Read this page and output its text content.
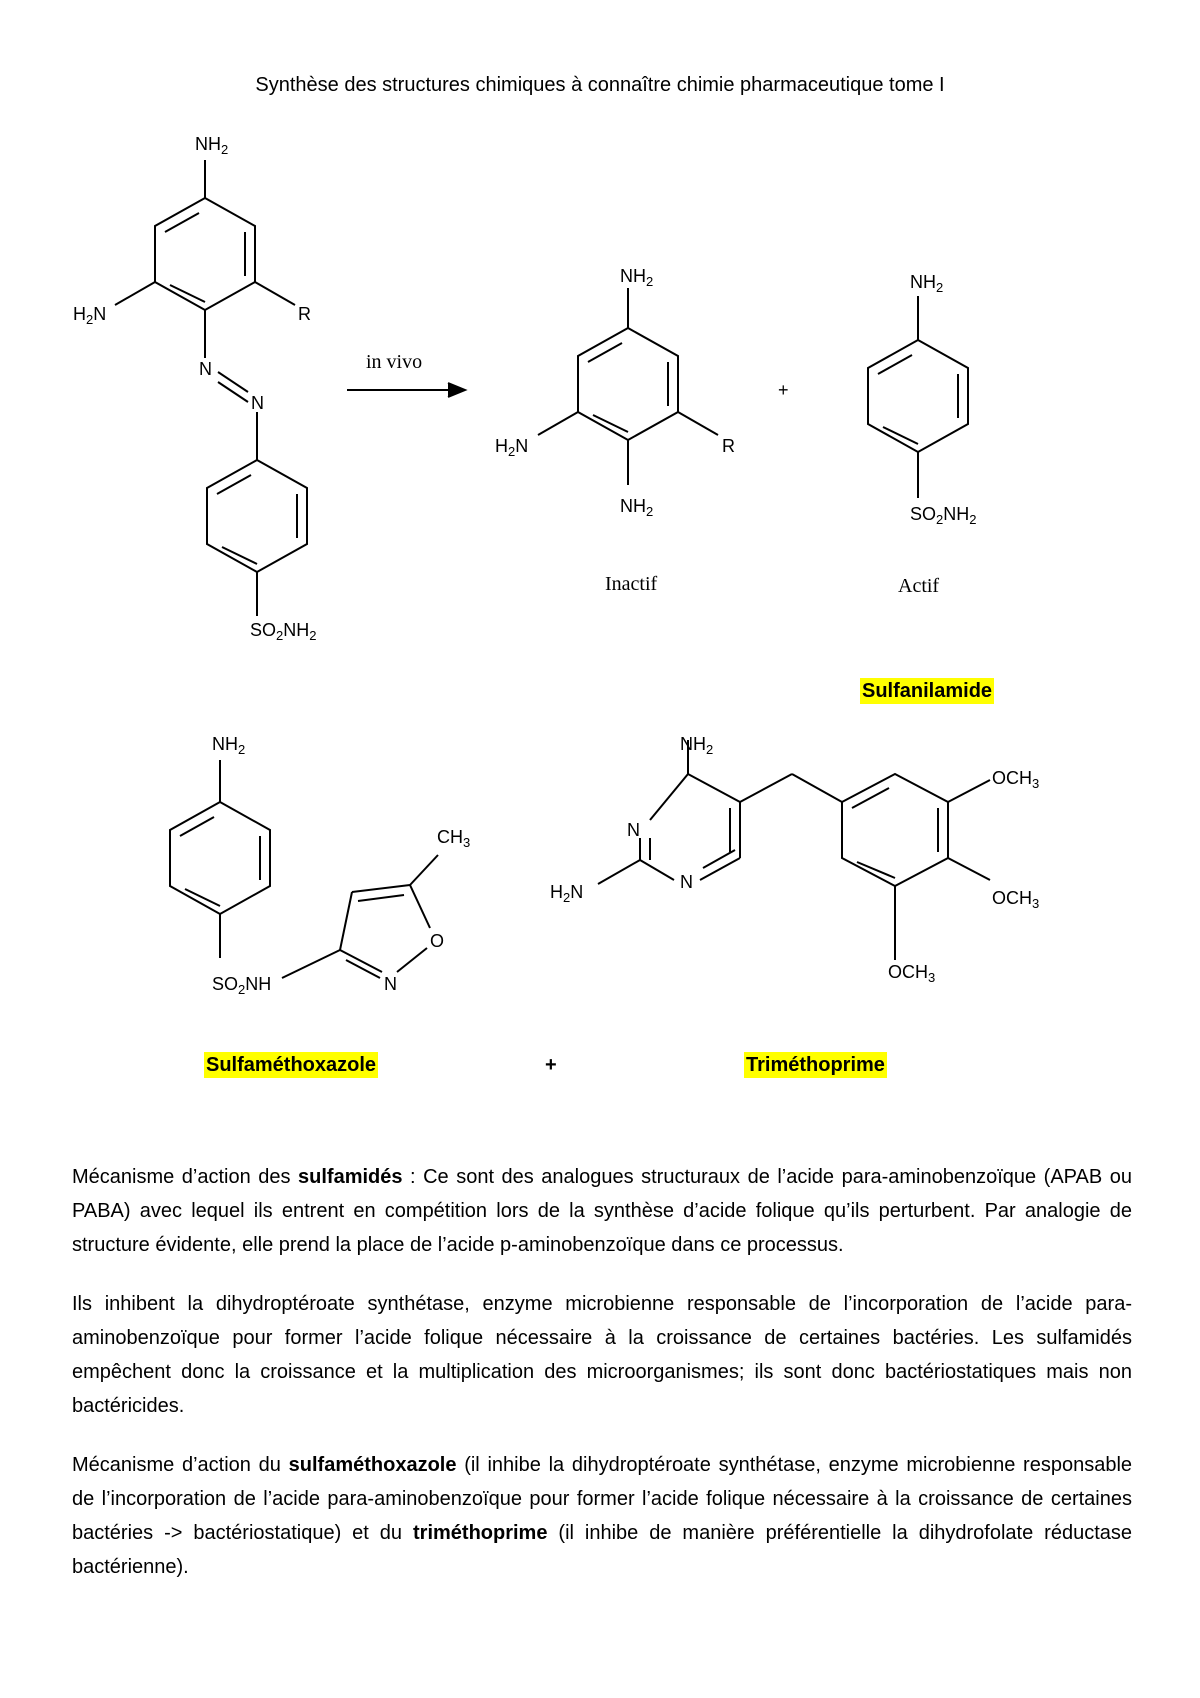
Synthèse des structures chimiques à connaître chimie pharmaceutique tome I
NH2
H2N	R
N
N
SO2NH2
in vivo
NH2
H2N	R
NH2
Inactif
+
NH2
SO2NH2
Actif
NH2
CH3
O
N
SO2NH
NH2
N
N
H2N
OCH3
OCH3
OCH3
Sulfanilamide
Sulfaméthoxazole	+	Triméthoprime

Mécanisme d’action des sulfamidés : Ce sont des analogues structuraux de l’acide para-aminobenzoïque (APAB ou PABA) avec lequel ils entrent en compétition lors de la synthèse d’acide folique qu’ils perturbent. Par analogie de structure évidente, elle prend la place de l’acide p-aminobenzoïque dans ce processus.

Ils inhibent la dihydroptéroate synthétase, enzyme microbienne responsable de l’incorporation de l’acide para-aminobenzoïque pour former l’acide folique nécessaire à la croissance de certaines bactéries. Les sulfamidés empêchent donc la croissance et la multiplication des microorganismes; ils sont donc bactériostatiques mais non bactéricides.

Mécanisme d’action du sulfaméthoxazole (il inhibe la dihydroptéroate synthétase, enzyme microbienne responsable de l’incorporation de l’acide para-aminobenzoïque pour former l’acide folique nécessaire à la croissance de certaines bactéries -> bactériostatique) et du triméthoprime (il inhibe de manière préférentielle la dihydrofolate réductase bactérienne).
